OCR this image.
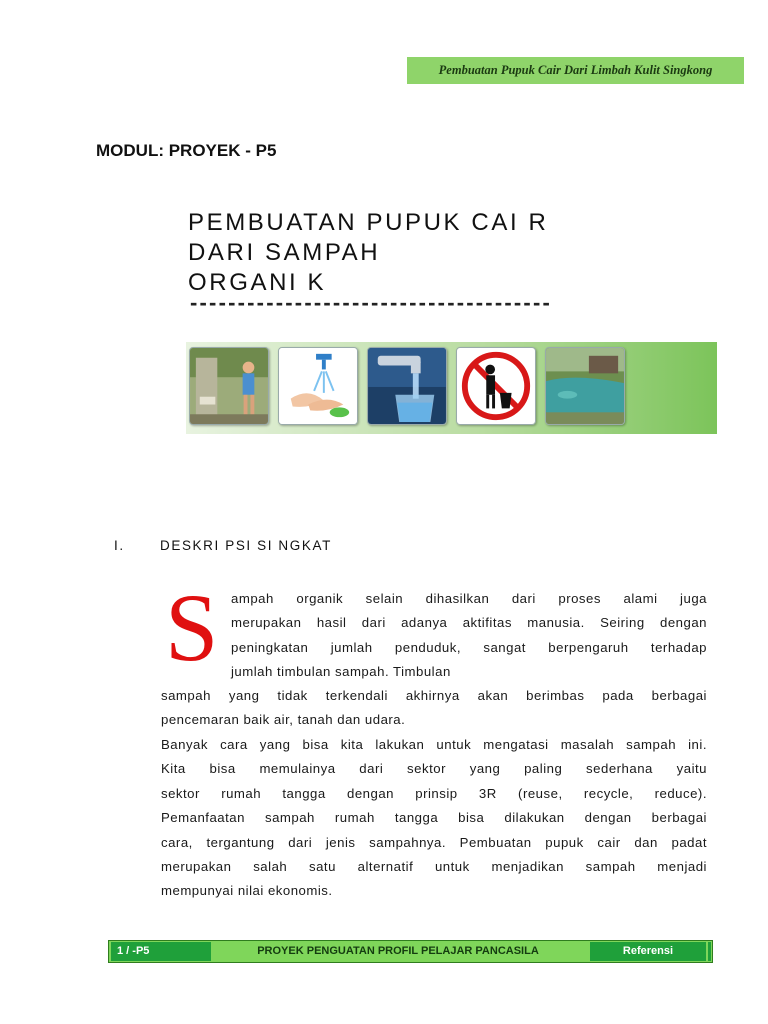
Pembuatan Pupuk Cair Dari Limbah Kulit Singkong
MODUL: PROYEK - P5
PEMBUATAN PUPUK CAI R
DARI SAMPAH
ORGANI K
--------------------------------------
I.	DESKRI PSI SI NGKAT
S ampah organik selain dihasilkan dari proses alami juga
merupakan hasil dari adanya aktifitas manusia. Seiring dengan
peningkatan jumlah penduduk, sangat berpengaruh terhadap
jumlah timbulan sampah. Timbulan
sampah yang tidak terkendali akhirnya akan berimbas pada berbagai
pencemaran baik air, tanah dan udara.
Banyak cara yang bisa kita lakukan untuk mengatasi masalah sampah ini.
Kita bisa memulainya dari sektor yang paling sederhana yaitu
sektor rumah tangga dengan prinsip 3R (reuse, recycle, reduce).
Pemanfaatan sampah rumah tangga bisa dilakukan dengan berbagai
cara, tergantung dari jenis sampahnya. Pembuatan pupuk cair dan padat
merupakan salah satu alternatif untuk menjadikan sampah menjadi
mempunyai nilai ekonomis.
1 / -P5	PROYEK PENGUATAN PROFIL PELAJAR PANCASILA	Referensi
